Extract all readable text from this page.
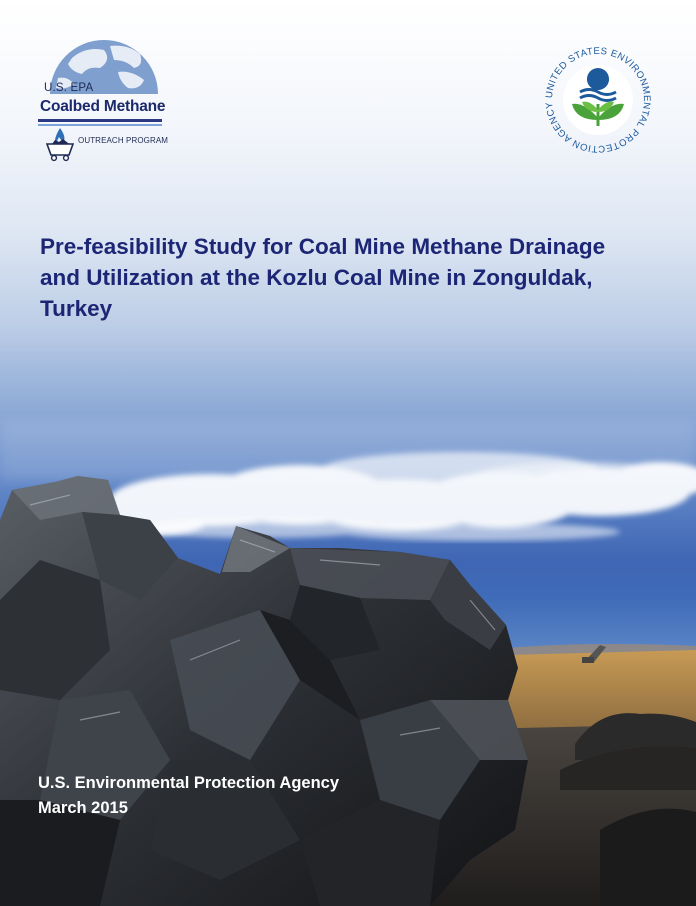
U.S. EPA
Coalbed Methane
OUTREACH PROGRAM
UNITED STATES ENVIRONMENTAL PROTECTION AGENCY
Pre-feasibility Study for Coal Mine Methane Drainage and Utilization at the Kozlu Coal Mine in Zonguldak, Turkey

U.S. Environmental Protection Agency

March 2015
